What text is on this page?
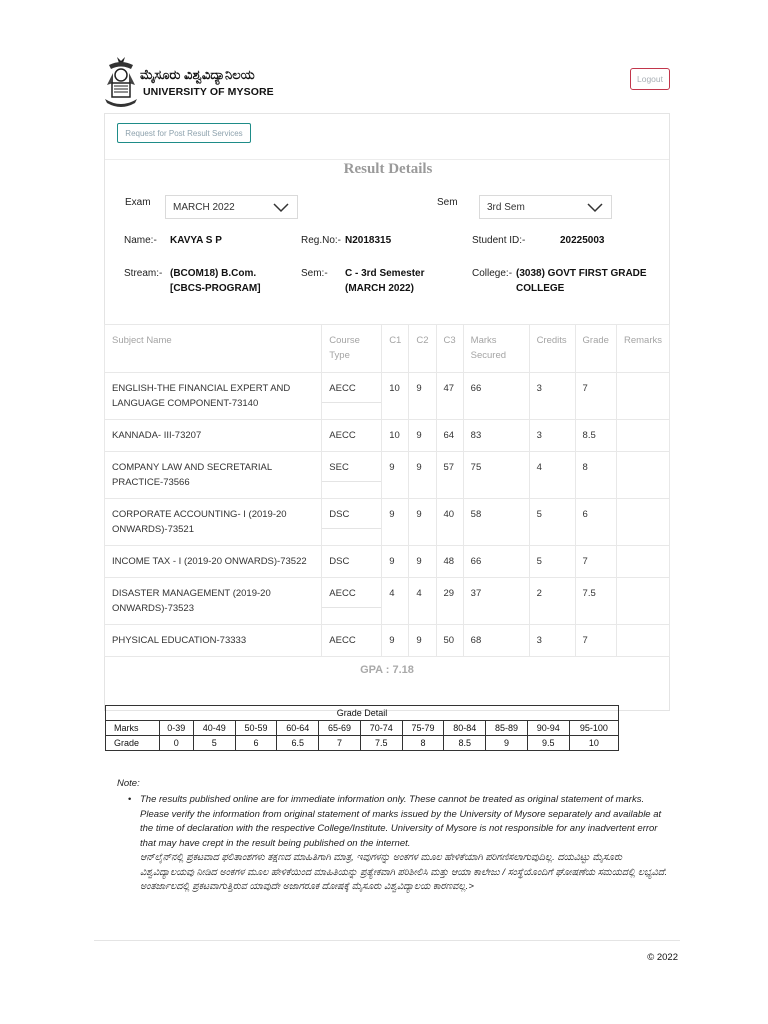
ಮೈಸೂರು ವಿಶ್ವವಿದ್ಯಾನಿಲಯ
UNIVERSITY OF MYSORE
Logout
Request for Post Result Services
Result Details
Exam MARCH 2022	Sem	3rd Sem
Name:- KAVYA S P	Reg.No:- N2018315	Student ID:-	20225003
Stream:- (BCOM18) B.Com. [CBCS-PROGRAM]
Sem:- C - 3rd Semester (MARCH 2022)
College:- (3038) GOVT FIRST GRADE COLLEGE
Subject Name	Course Type	C1	C2	C3	Marks Secured	Credits	Grade	Remarks
ENGLISH-THE FINANCIAL EXPERT AND LANGUAGE COMPONENT-73140	AECC	10	9	47	66	3	7	
KANNADA- III-73207	AECC	10	9	64	83	3	8.5	
COMPANY LAW AND SECRETARIAL PRACTICE-73566	SEC	9	9	57	75	4	8	
CORPORATE ACCOUNTING- I (2019-20 ONWARDS)-73521	DSC	9	9	40	58	5	6	
INCOME TAX - I (2019-20 ONWARDS)-73522	DSC	9	9	48	66	5	7	
DISASTER MANAGEMENT (2019-20 ONWARDS)-73523	AECC	4	4	29	37	2	7.5	
PHYSICAL EDUCATION-73333	AECC	9	9	50	68	3	7	
GPA : 7.18
Grade Detail											
Marks	0-39	40-49	50-59	60-64	65-69	70-74	75-79	80-84	85-89	90-94	95-100
Grade	0	5	6	6.5	7	7.5	8	8.5	9	9.5	10
Note:
• The results published online are for immediate information only. These cannot be treated as original statement of marks. Please verify the information from original statement of marks issued by the University of Mysore separately and available at the time of declaration with the respective College/Institute. University of Mysore is not responsible for any inadvertent error that may have crept in the result being published on the internet.
ಆನ್‌ಲೈನ್‌ನಲ್ಲಿ ಪ್ರಕಟವಾದ ಫಲಿತಾಂಶಗಳು ತಕ್ಷಣದ ಮಾಹಿತಿಗಾಗಿ ಮಾತ್ರ, ಇವುಗಳನ್ನು ಅಂಕಗಳ ಮೂಲ ಹೇಳಿಕೆಯಾಗಿ ಪರಿಗಣಿಸಲಾಗುವುದಿಲ್ಲ. ದಯವಿಟ್ಟು ಮೈಸೂರು ವಿಶ್ವವಿದ್ಯಾಲಯವು ನೀಡಿದ ಅಂಕಗಳ ಮೂಲ ಹೇಳಿಕೆಯಿಂದ ಮಾಹಿತಿಯನ್ನು ಪ್ರತ್ಯೇಕವಾಗಿ ಪರಿಶೀಲಿಸಿ ಮತ್ತು ಆಯಾ ಕಾಲೇಜು / ಸಂಸ್ಥೆಯೊಂದಿಗೆ ಘೋಷಣೆಯ ಸಮಯದಲ್ಲಿ ಲಭ್ಯವಿದೆ. ಅಂತರ್ಜಾಲದಲ್ಲಿ ಪ್ರಕಟವಾಗುತ್ತಿರುವ ಯಾವುದೇ ಅಜಾಗರೂಕ ದೋಷಕ್ಕೆ ಮೈಸೂರು ವಿಶ್ವವಿದ್ಯಾಲಯ ಕಾರಣವಲ್ಲ.>
© 2022
